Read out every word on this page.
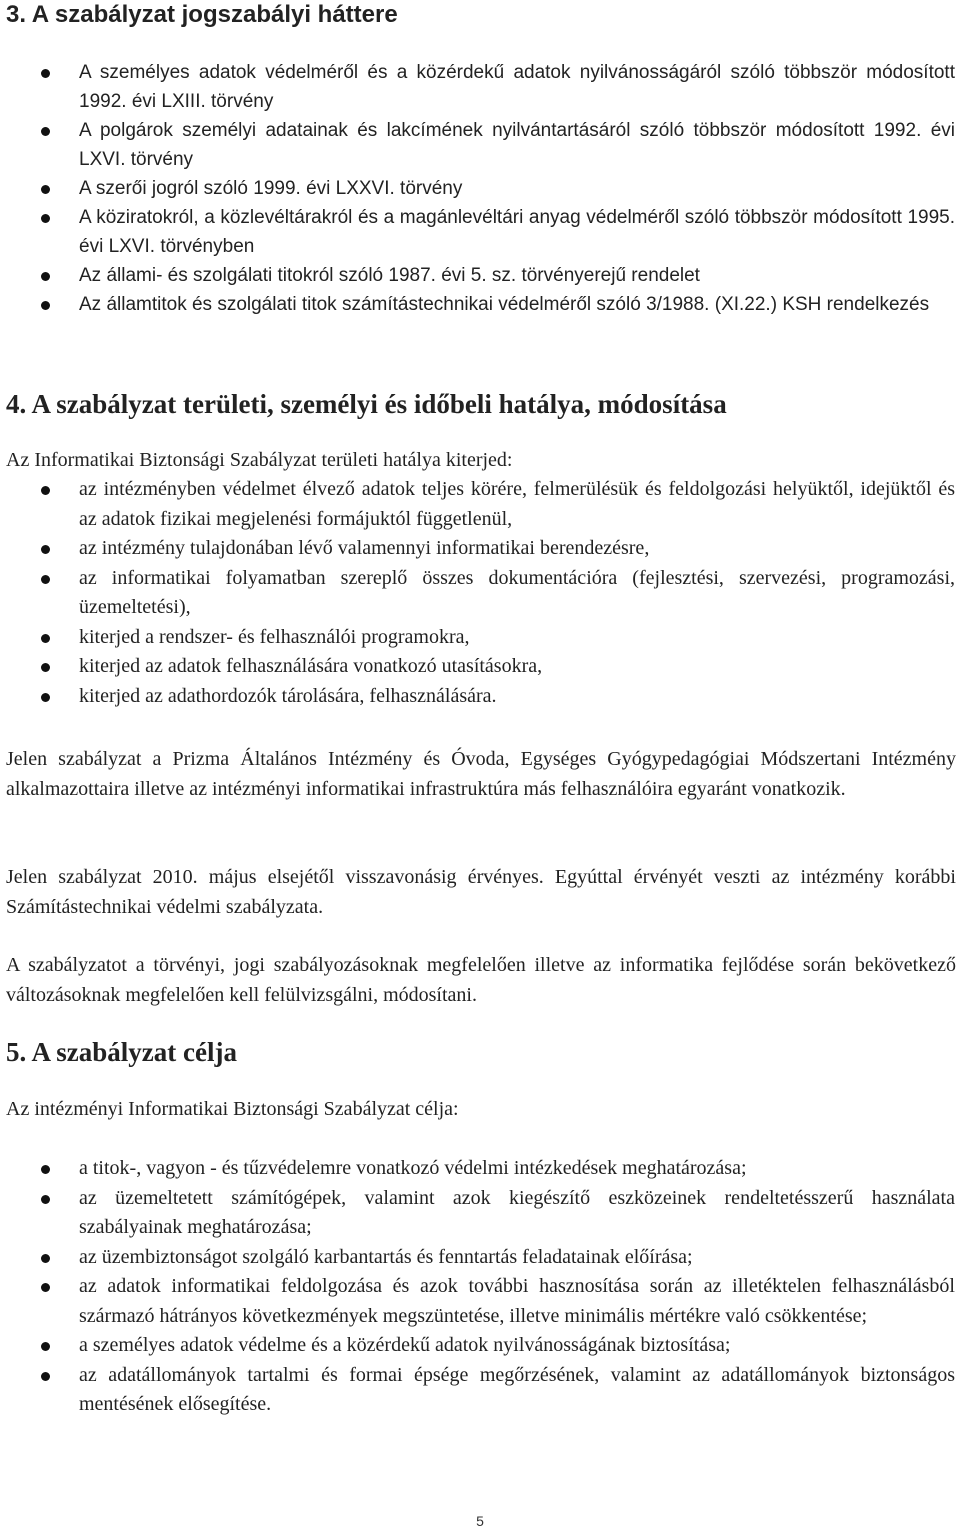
3. A szabályzat jogszabályi háttere
A személyes adatok védelméről és a közérdekű adatok nyilvánosságáról szóló többször módosított 1992. évi LXIII. törvény
A polgárok személyi adatainak és lakcímének nyilvántartásáról szóló többször módosított 1992. évi LXVI. törvény
A szerői jogról szóló 1999. évi LXXVI. törvény
A köziratokról, a közlevéltárakról és a magánlevéltári anyag védelméről szóló többször módosított 1995. évi LXVI. törvényben
Az állami- és szolgálati titokról szóló 1987. évi 5. sz. törvényerejű rendelet
Az államtitok és szolgálati titok számítástechnikai védelméről szóló 3/1988. (XI.22.) KSH rendelkezés
4. A szabályzat területi, személyi és időbeli hatálya, módosítása

Az Informatikai Biztonsági Szabályzat területi hatálya kiterjed:

az intézményben védelmet élvező adatok teljes körére, felmerülésük és feldolgozási helyüktől, idejüktől és az adatok fizikai megjelenési formájuktól függetlenül,
az intézmény tulajdonában lévő valamennyi informatikai berendezésre,
az informatikai folyamatban szereplő összes dokumentációra (fejlesztési, szervezési, programozási, üzemeltetési),
kiterjed a rendszer- és felhasználói programokra,
kiterjed az adatok felhasználására vonatkozó utasításokra,
kiterjed az adathordozók tárolására, felhasználására.

Jelen szabályzat a Prizma Általános Intézmény és Óvoda, Egységes Gyógypedagógiai Módszertani Intézmény alkalmazottaira illetve az intézményi informatikai infrastruktúra más felhasználóira egyaránt vonatkozik.

Jelen szabályzat 2010. május elsejétől visszavonásig érvényes. Egyúttal érvényét veszti az intézmény korábbi Számítástechnikai védelmi szabályzata.

A szabályzatot a törvényi, jogi szabályozásoknak megfelelően illetve az informatika fejlődése során bekövetkező változásoknak megfelelően kell felülvizsgálni, módosítani.

5. A szabályzat célja

Az intézményi Informatikai Biztonsági Szabályzat célja:

a titok-, vagyon - és tűzvédelemre vonatkozó védelmi intézkedések meghatározása;
az üzemeltetett számítógépek, valamint azok kiegészítő eszközeinek rendeltetésszerű használata szabályainak meghatározása;
az üzembiztonságot szolgáló karbantartás és fenntartás feladatainak előírása;
az adatok informatikai feldolgozása és azok további hasznosítása során az illetéktelen felhasználásból származó hátrányos következmények megszüntetése, illetve minimális mértékre való csökkentése;
a személyes adatok védelme és a közérdekű adatok nyilvánosságának biztosítása;
az adatállományok tartalmi és formai épsége megőrzésének, valamint az adatállományok biztonságos mentésének elősegítése.
5
